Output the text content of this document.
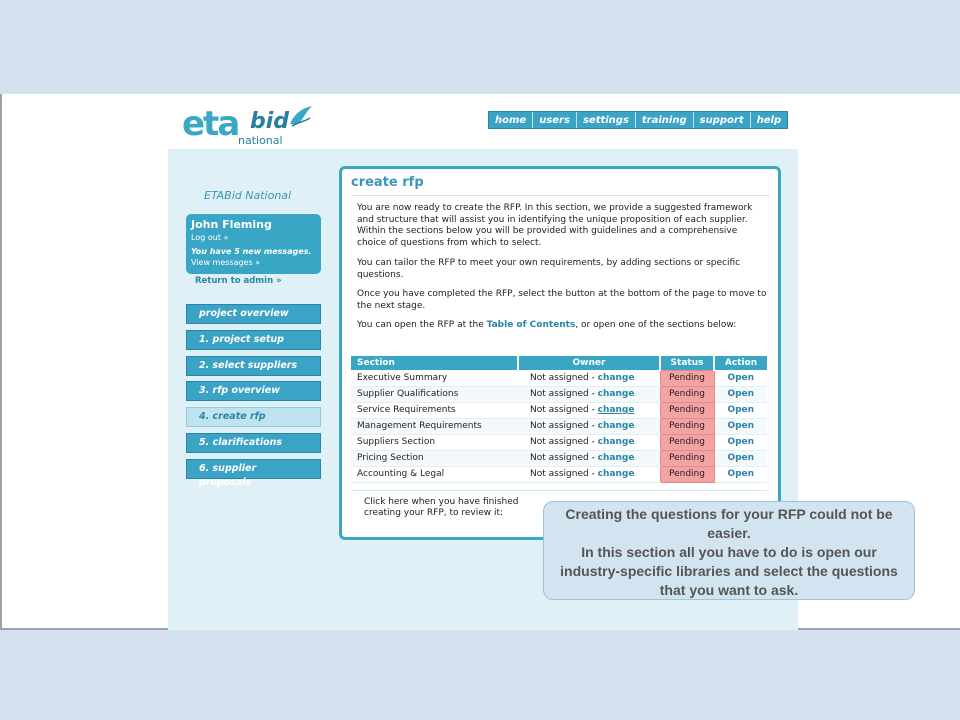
eta bid
national
home	users	settings	training	support	help
ETABid National
John Fleming
Log out »
You have 5 new messages.
View messages »
Return to admin »
project overview
1. project setup
2. select suppliers
3. rfp overview
4. create rfp
5. clarifications
6. supplier proposals
create rfp
You are now ready to create the RFP. In this section, we provide a suggested framework and structure that will assist you in identifying the unique proposition of each supplier. Within the sections below you will be provided with guidelines and a comprehensive choice of questions from which to select.
You can tailor the RFP to meet your own requirements, by adding sections or specific questions.
Once you have completed the RFP, select the button at the bottom of the page to move to the next stage.
You can open the RFP at the Table of Contents, or open one of the sections below:
Section	Owner	Status	Action
Executive Summary	Not assigned - change	Pending	Open
Supplier Qualifications	Not assigned - change	Pending	Open
Service Requirements	Not assigned - change	Pending	Open
Management Requirements	Not assigned - change	Pending	Open
Suppliers Section	Not assigned - change	Pending	Open
Pricing Section	Not assigned - change	Pending	Open
Accounting & Legal	Not assigned - change	Pending	Open
Click here when you have finished creating your RFP, to review it:	Creating the questions for your RFP could not be easier.
In this section all you have to do is open our industry-specific libraries and select the questions that you want to ask.
